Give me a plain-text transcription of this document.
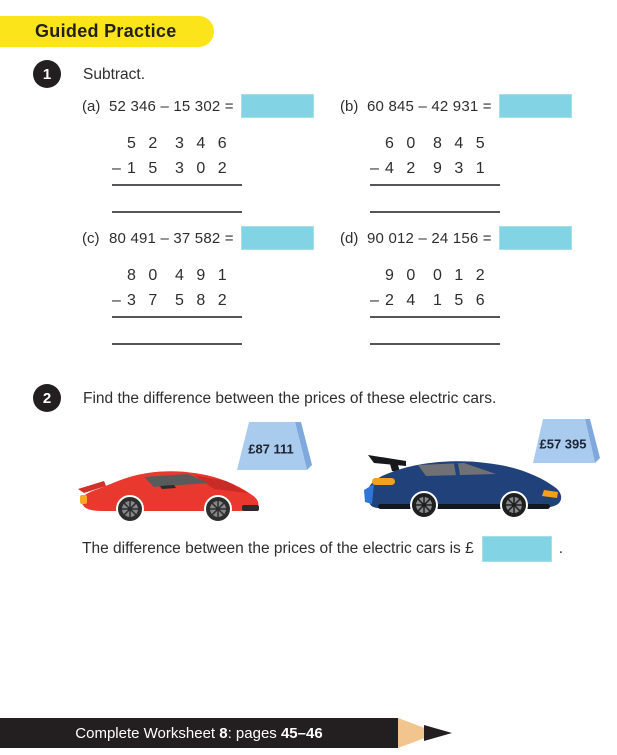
Guided Practice
1 Subtract.
(a) 52 346 – 15 302 =
5 2 3 4 6
– 1 5 3 0 2
(b) 60 845 – 42 931 =
6 0 8 4 5
– 4 2 9 3 1
(c) 80 491 – 37 582 =
8 0 4 9 1
– 3 7 5 8 2
(d) 90 012 – 24 156 =
9 0 0 1 2
– 2 4 1 5 6
2 Find the difference between the prices of these electric cars.
£87 111	£57 395
The difference between the prices of the electric cars is £	.
Complete Worksheet 8 : pages 45–46
